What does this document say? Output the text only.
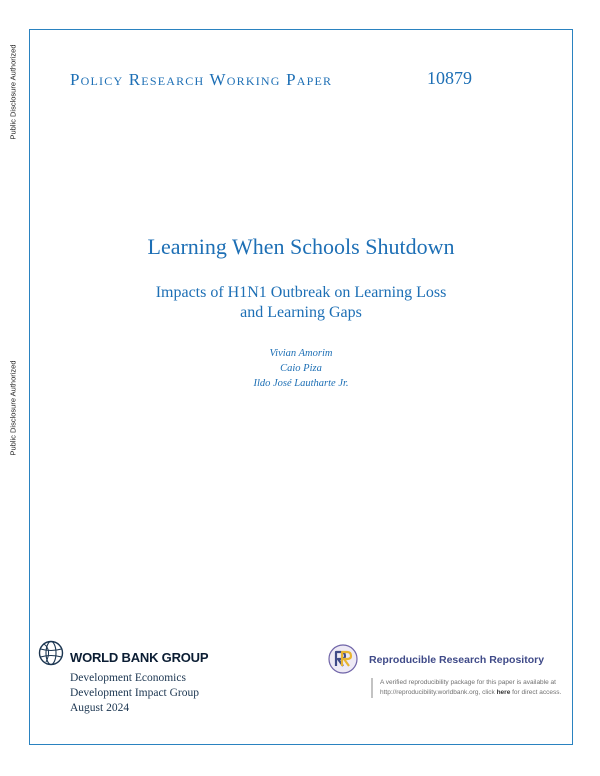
Public Disclosure Authorized
Public Disclosure Authorized
Policy Research Working Paper	10879
Learning When Schools Shutdown
Impacts of H1N1 Outbreak on Learning Loss
and Learning Gaps
Vivian Amorim
Caio Piza
Ildo José Lautharte Jr.
WORLD BANK GROUP
Development Economics
Development Impact Group
August 2024
Reproducible Research Repository
A verified reproducibility package for this paper is available at http://reproducibility.worldbank.org, click here for direct access.
